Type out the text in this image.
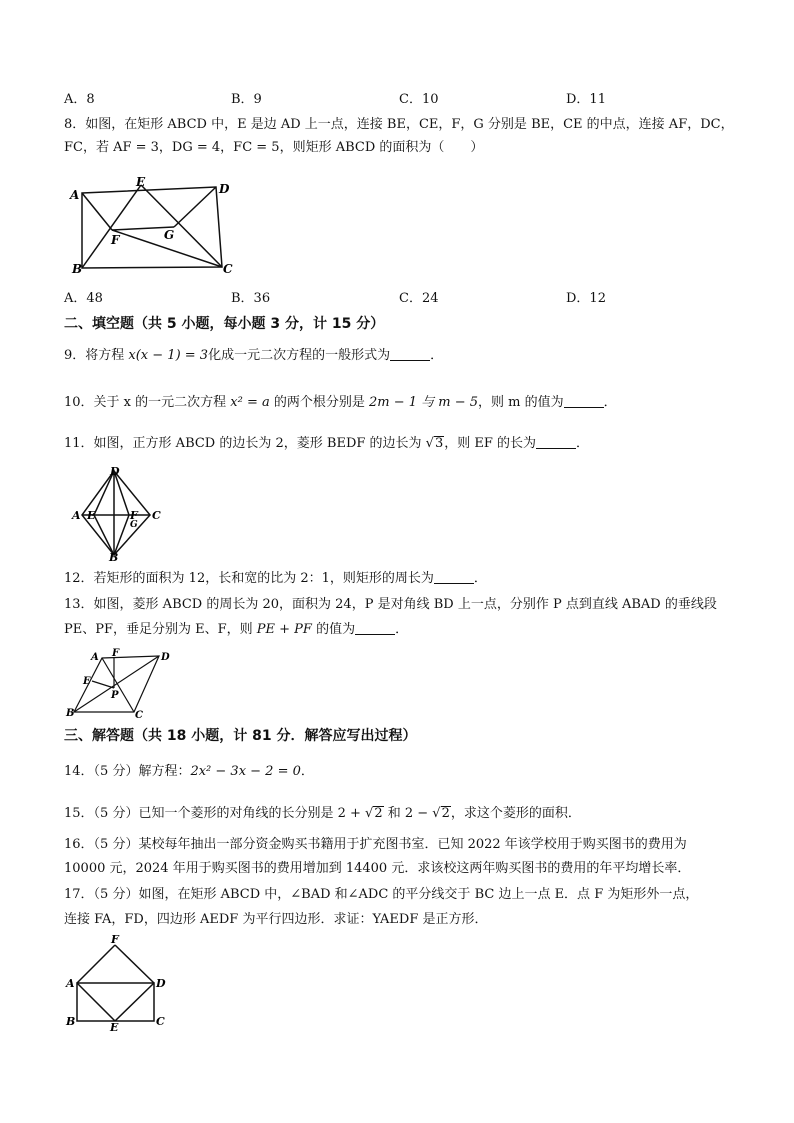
A．8	B．9	C．10	D．11
8．如图，在矩形 ABCD 中，E 是边 AD 上一点，连接 BE，CE，F，G 分别是 BE，CE 的中点，连接 AF，DC，
FC，若 AF = 3，DG = 4，FC = 5，则矩形 ABCD 的面积为（　　）
A
B	C
D
E
F	G
A．48	B．36	C．24	D．12
二、填空题（共 5 小题，每小题 3 分，计 15 分）
9．将方程 x(x − 1) = 3化成一元二次方程的一般形式为	．
10．关于 x 的一元二次方程 x² = a 的两个根分别是 2m − 1 与 m − 5，则 m 的值为	．
11．如图，正方形 ABCD 的边长为 2，菱形 BEDF 的边长为 √3，则 EF 的长为	．
D
A E	F
G
C
B
12．若矩形的面积为 12，长和宽的比为 2：1，则矩形的周长为	．
13．如图，菱形 ABCD 的周长为 20，面积为 24，P 是对角线 BD 上一点，分别作 P 点到直线 ABAD 的垂线段
PE、PF，垂足分别为 E、F，则 PE + PF 的值为	．
A F	D
E
P
B	C
三、解答题（共 18 小题，计 81 分．解答应写出过程）
14．（5 分）解方程：2x² − 3x − 2 = 0．
15．（5 分）已知一个菱形的对角线的长分别是 2 + √2 和 2 − √2，求这个菱形的面积．
16．（5 分）某校每年抽出一部分资金购买书籍用于扩充图书室．已知 2022 年该学校用于购买图书的费用为
10000 元，2024 年用于购买图书的费用增加到 14400 元．求该校这两年购买图书的费用的年平均增长率．
17．（5 分）如图，在矩形 ABCD 中，∠BAD 和∠ADC 的平分线交于 BC 边上一点 E．点 F 为矩形外一点，
连接 FA，FD，四边形 AEDF 为平行四边形．求证：YAEDF 是正方形．
F
A	D
B	C
E
